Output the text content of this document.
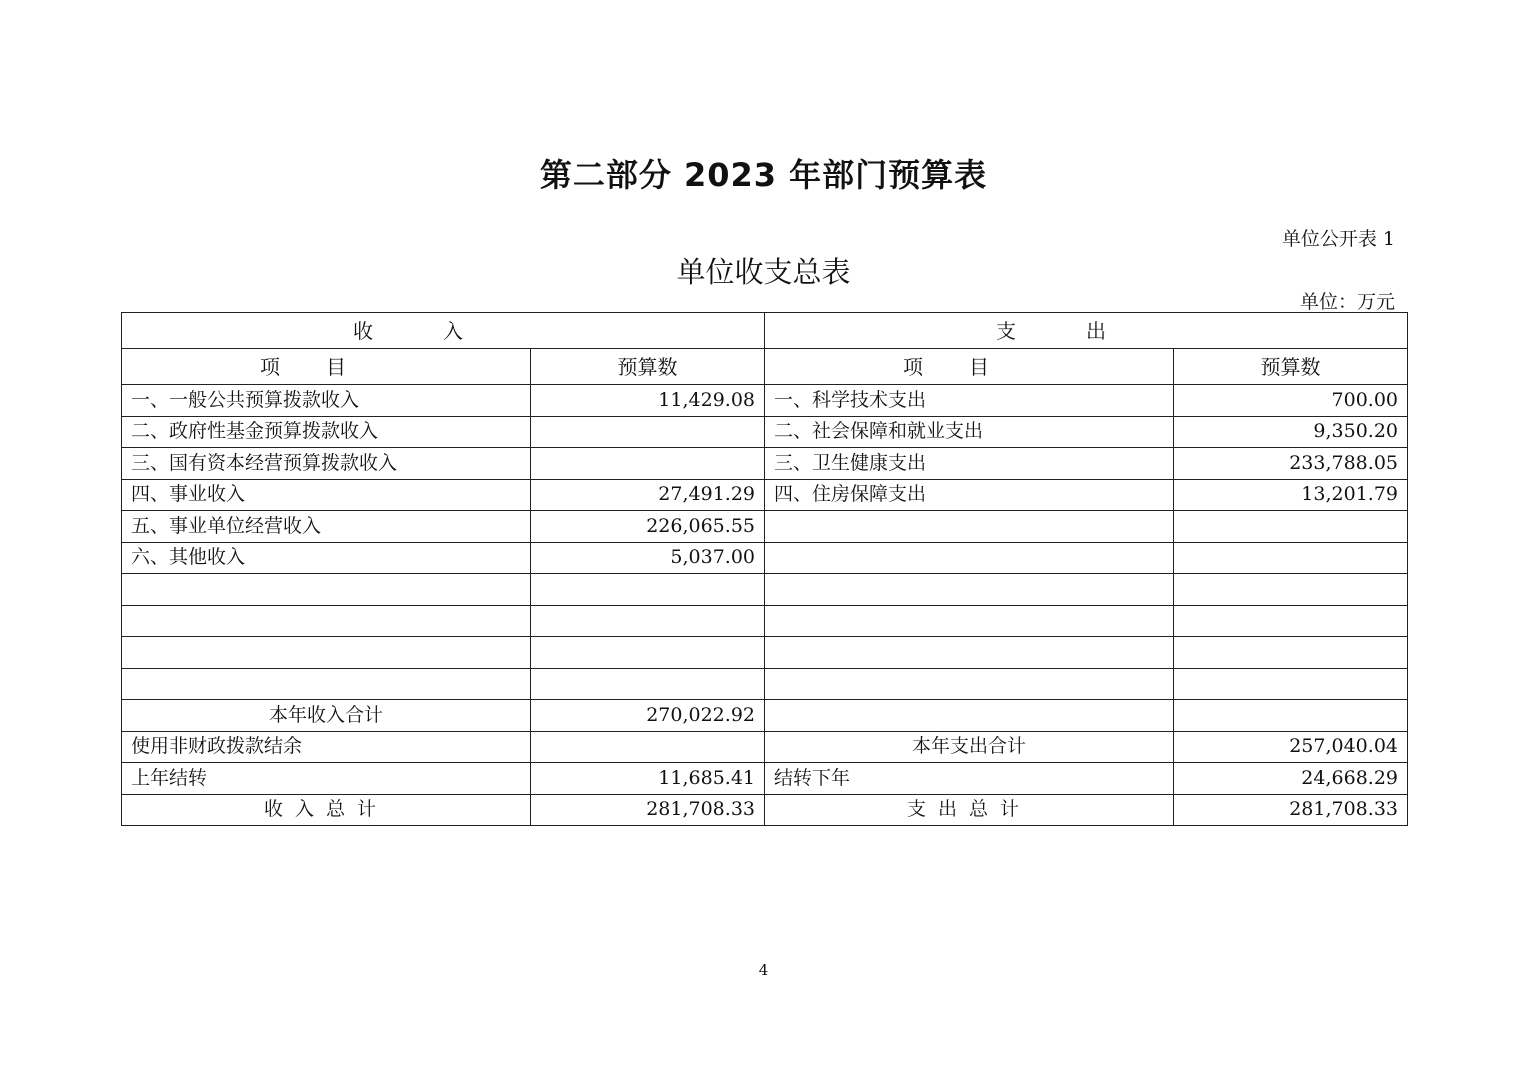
第二部分 2023 年部门预算表
单位公开表 1
单位收支总表
单位：万元
收入		支出	
项目	预算数	项目	预算数
一、一般公共预算拨款收入	11,429.08	一、科学技术支出	700.00
二、政府性基金预算拨款收入		二、社会保障和就业支出	9,350.20
三、国有资本经营预算拨款收入		三、卫生健康支出	233,788.05
四、事业收入	27,491.29	四、住房保障支出	13,201.79
五、事业单位经营收入	226,065.55		
六、其他收入	5,037.00		

本年收入合计	270,022.92		
使用非财政拨款结余		本年支出合计	257,040.04
上年结转	11,685.41	结转下年	24,668.29
收入总计	281,708.33	支出总计	281,708.33
4
